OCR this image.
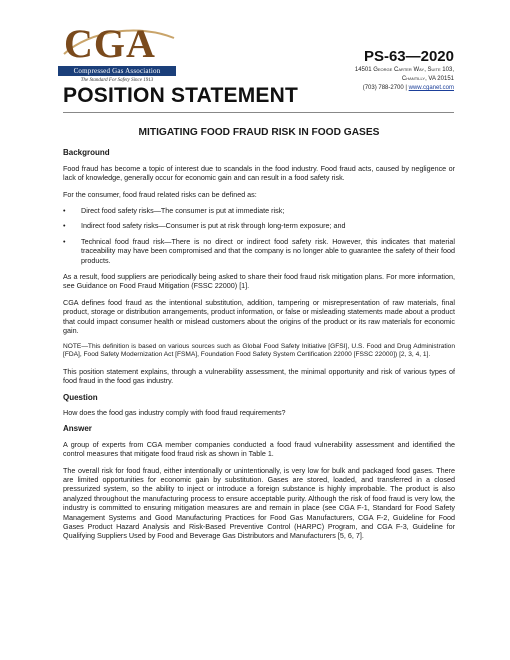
CGA
Compressed Gas Association
The Standard For Safety Since 1913
POSITION STATEMENT
PS-63—2020
14501 George Carter Way, Suite 103,
Chantilly, VA 20151
(703) 788-2700 | www.cganet.com
MITIGATING FOOD FRAUD RISK IN FOOD GASES
Background

Food fraud has become a topic of interest due to scandals in the food industry. Food fraud acts, caused by negligence or lack of knowledge, generally occur for economic gain and can result in a food safety risk.

For the consumer, food fraud related risks can be defined as:

• Direct food safety risks—The consumer is put at immediate risk;
• Indirect food safety risks—Consumer is put at risk through long-term exposure; and
• Technical food fraud risk—There is no direct or indirect food safety risk. However, this indicates that material traceability may have been compromised and that the company is no longer able to guarantee the safety of their food products.

As a result, food suppliers are periodically being asked to share their food fraud risk mitigation plans. For more information, see Guidance on Food Fraud Mitigation (FSSC 22000) [1].

CGA defines food fraud as the intentional substitution, addition, tampering or misrepresentation of raw materials, final product, storage or distribution arrangements, product information, or false or misleading statements made about a product that could impact consumer health or mislead customers about the origins of the product or its raw materials for economic gain.

NOTE—This definition is based on various sources such as Global Food Safety Initiative [GFSI], U.S. Food and Drug Administration [FDA], Food Safety Modernization Act [FSMA], Foundation Food Safety System Certification 22000 [FSSC 22000]) [2, 3, 4, 1].

This position statement explains, through a vulnerability assessment, the minimal opportunity and risk of various types of food fraud in the food gas industry.

Question

How does the food gas industry comply with food fraud requirements?

Answer

A group of experts from CGA member companies conducted a food fraud vulnerability assessment and identified the control measures that mitigate food fraud risk as shown in Table 1.

The overall risk for food fraud, either intentionally or unintentionally, is very low for bulk and packaged food gases. There are limited opportunities for economic gain by substitution. Gases are stored, loaded, and transferred in a closed pressurized system, so the ability to inject or introduce a foreign substance is highly improbable. The product is also analyzed throughout the manufacturing process to ensure acceptable purity. Although the risk of food fraud is very low, the industry is committed to ensuring mitigation measures are and remain in place (see CGA F-1, Standard for Food Safety Management Systems and Good Manufacturing Practices for Food Gas Manufacturers, CGA F-2, Guideline for Food Gases Product Hazard Analysis and Risk-Based Preventive Control (HARPC) Program, and CGA F-3, Guideline for Qualifying Suppliers Used by Food and Beverage Gas Distributors and Manufacturers [5, 6, 7].
